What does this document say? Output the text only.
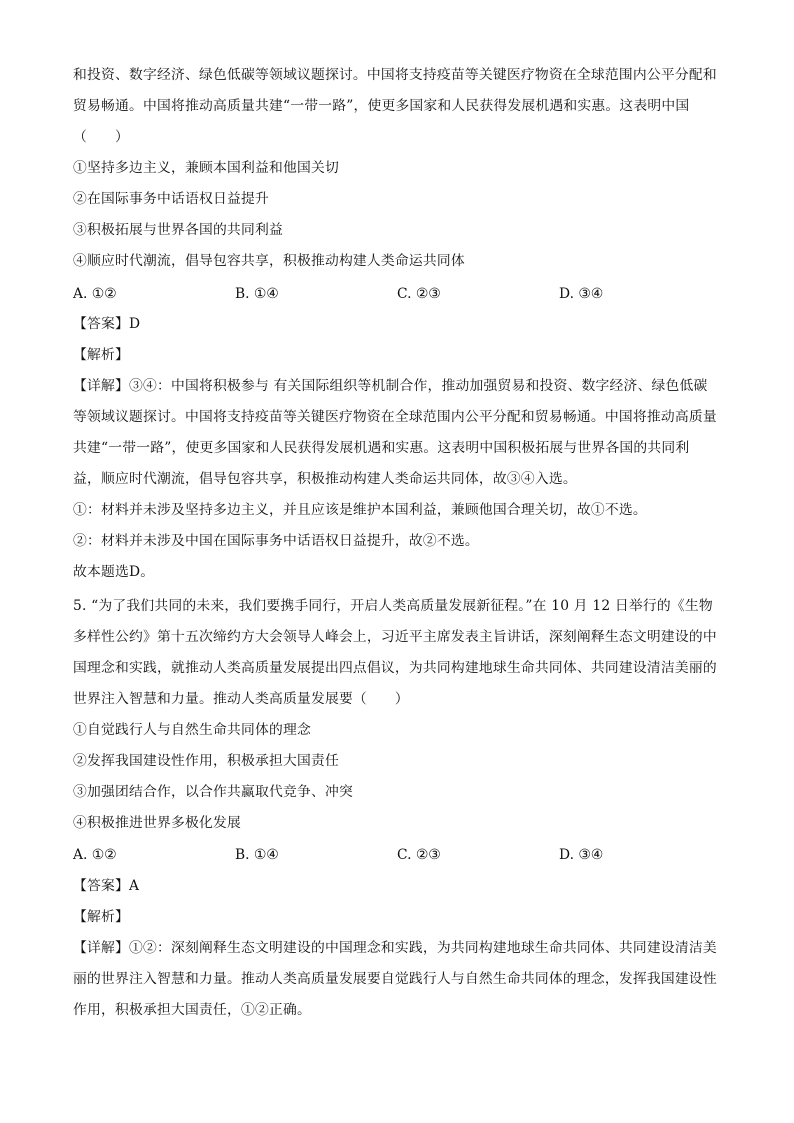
和投资、数字经济、绿色低碳等领域议题探讨。中国将支持疫苗等关键医疗物资在全球范围内公平分配和
贸易畅通。中国将推动高质量共建“一带一路”，使更多国家和人民获得发展机遇和实惠。这表明中国
（　　）
①坚持多边主义，兼顾本国利益和他国关切
②在国际事务中话语权日益提升
③积极拓展与世界各国的共同利益
④顺应时代潮流，倡导包容共享，积极推动构建人类命运共同体
A. ①②	B. ①④	C. ②③	D. ③④
【答案】D
【解析】
【详解】③④：中国将积极参与 有关国际组织等机制合作，推动加强贸易和投资、数字经济、绿色低碳
等领域议题探讨。中国将支持疫苗等关键医疗物资在全球范围内公平分配和贸易畅通。中国将推动高质量
共建“一带一路”，使更多国家和人民获得发展机遇和实惠。这表明中国积极拓展与世界各国的共同利
益，顺应时代潮流，倡导包容共享，积极推动构建人类命运共同体，故③④入选。
①：材料并未涉及坚持多边主义，并且应该是维护本国利益，兼顾他国合理关切，故①不选。
②：材料并未涉及中国在国际事务中话语权日益提升，故②不选。
故本题选D。
5. “为了我们共同的未来，我们要携手同行，开启人类高质量发展新征程。”在 10 月 12 日举行的《生物
多样性公约》第十五次缔约方大会领导人峰会上，习近平主席发表主旨讲话，深刻阐释生态文明建设的中
国理念和实践，就推动人类高质量发展提出四点倡议，为共同构建地球生命共同体、共同建设清洁美丽的
世界注入智慧和力量。推动人类高质量发展要（　　）
①自觉践行人与自然生命共同体的理念
②发挥我国建设性作用，积极承担大国责任
③加强团结合作，以合作共赢取代竞争、冲突
④积极推进世界多极化发展
A. ①②	B. ①④	C. ②③	D. ③④
【答案】A
【解析】
【详解】①②：深刻阐释生态文明建设的中国理念和实践，为共同构建地球生命共同体、共同建设清洁美
丽的世界注入智慧和力量。推动人类高质量发展要自觉践行人与自然生命共同体的理念，发挥我国建设性
作用，积极承担大国责任，①②正确。
